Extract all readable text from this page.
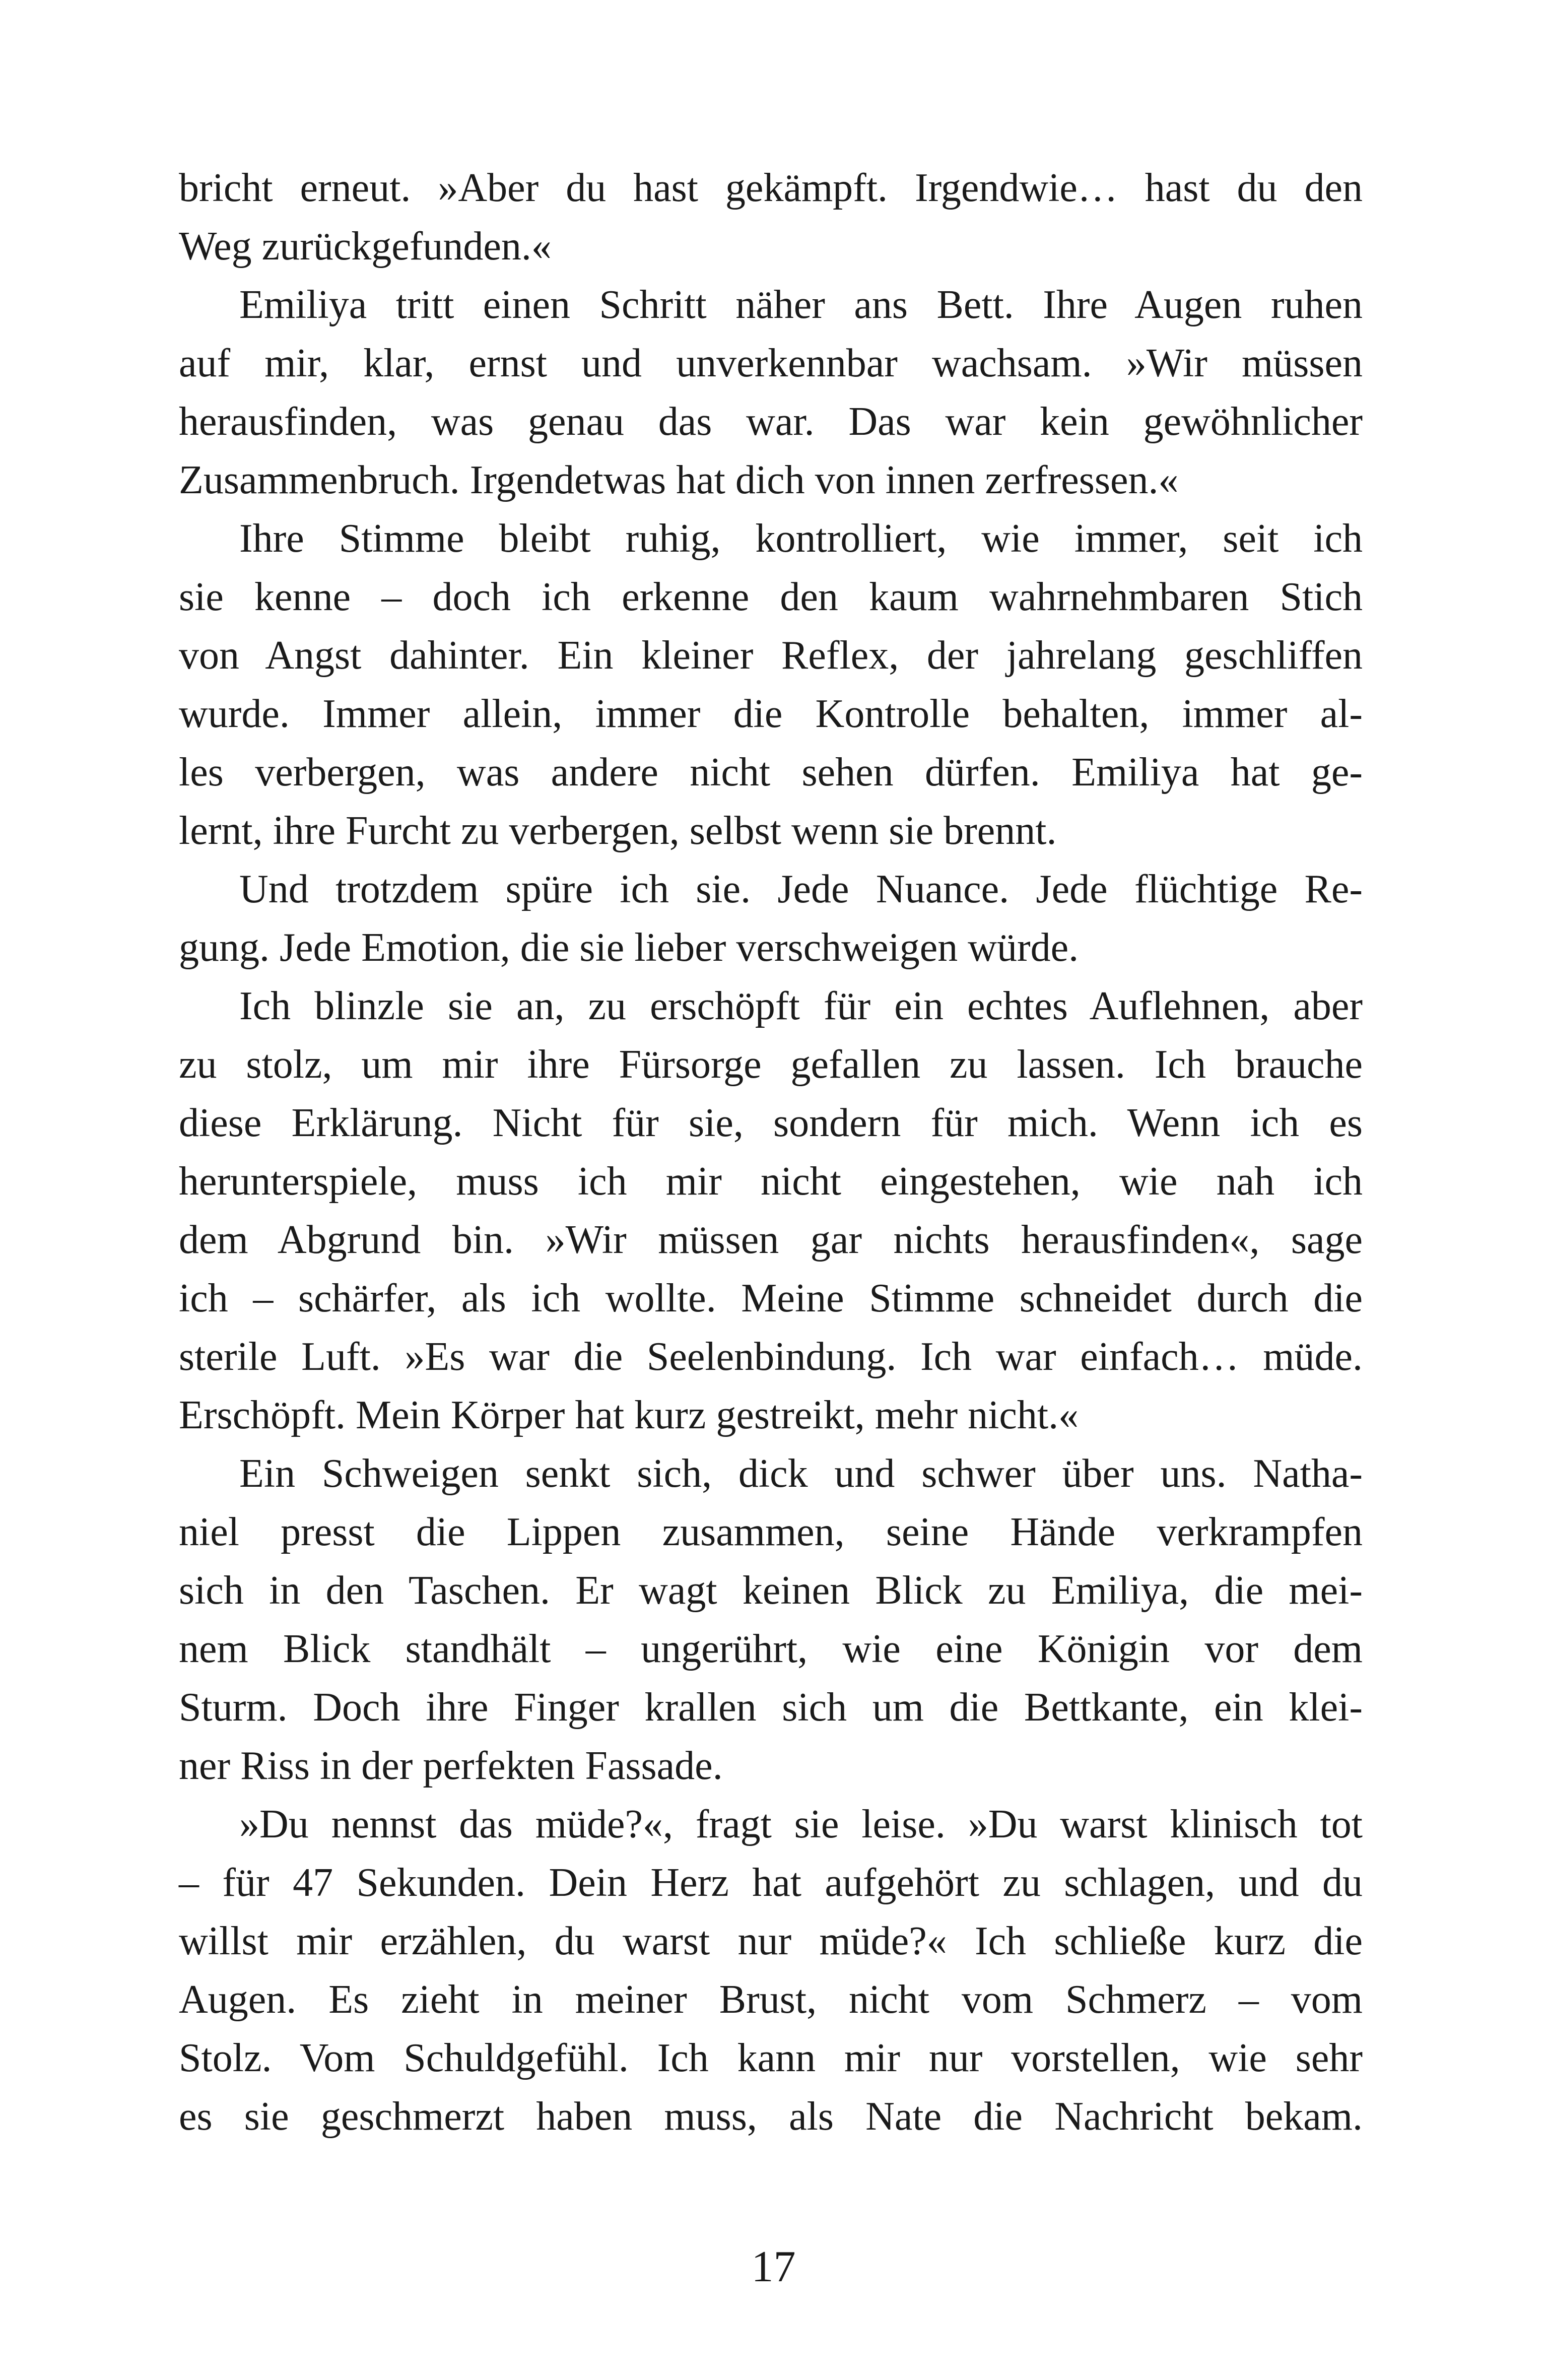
bricht erneut. »Aber du hast gekämpft. Irgendwie… hast du den
Weg zurückgefunden.«
Emiliya tritt einen Schritt näher ans Bett. Ihre Augen ruhen
auf mir, klar, ernst und unverkennbar wachsam. »Wir müssen
herausfinden, was genau das war. Das war kein gewöhnlicher
Zusammenbruch. Irgendetwas hat dich von innen zerfressen.«
Ihre Stimme bleibt ruhig, kontrolliert, wie immer, seit ich
sie kenne – doch ich erkenne den kaum wahrnehmbaren Stich
von Angst dahinter. Ein kleiner Reflex, der jahrelang geschliffen
wurde. Immer allein, immer die Kontrolle behalten, immer al-
les verbergen, was andere nicht sehen dürfen. Emiliya hat ge-
lernt, ihre Furcht zu verbergen, selbst wenn sie brennt.
Und trotzdem spüre ich sie. Jede Nuance. Jede flüchtige Re-
gung. Jede Emotion, die sie lieber verschweigen würde.
Ich blinzle sie an, zu erschöpft für ein echtes Auflehnen, aber
zu stolz, um mir ihre Fürsorge gefallen zu lassen. Ich brauche
diese Erklärung. Nicht für sie, sondern für mich. Wenn ich es
herunterspiele, muss ich mir nicht eingestehen, wie nah ich
dem Abgrund bin. »Wir müssen gar nichts herausfinden«, sage
ich – schärfer, als ich wollte. Meine Stimme schneidet durch die
sterile Luft. »Es war die Seelenbindung. Ich war einfach… müde.
Erschöpft. Mein Körper hat kurz gestreikt, mehr nicht.«
Ein Schweigen senkt sich, dick und schwer über uns. Natha-
niel presst die Lippen zusammen, seine Hände verkrampfen
sich in den Taschen. Er wagt keinen Blick zu Emiliya, die mei-
nem Blick standhält – ungerührt, wie eine Königin vor dem
Sturm. Doch ihre Finger krallen sich um die Bettkante, ein klei-
ner Riss in der perfekten Fassade.
»Du nennst das müde?«, fragt sie leise. »Du warst klinisch tot
– für 47 Sekunden. Dein Herz hat aufgehört zu schlagen, und du
willst mir erzählen, du warst nur müde?« Ich schließe kurz die
Augen. Es zieht in meiner Brust, nicht vom Schmerz – vom
Stolz. Vom Schuldgefühl. Ich kann mir nur vorstellen, wie sehr
es sie geschmerzt haben muss, als Nate die Nachricht bekam.
17
